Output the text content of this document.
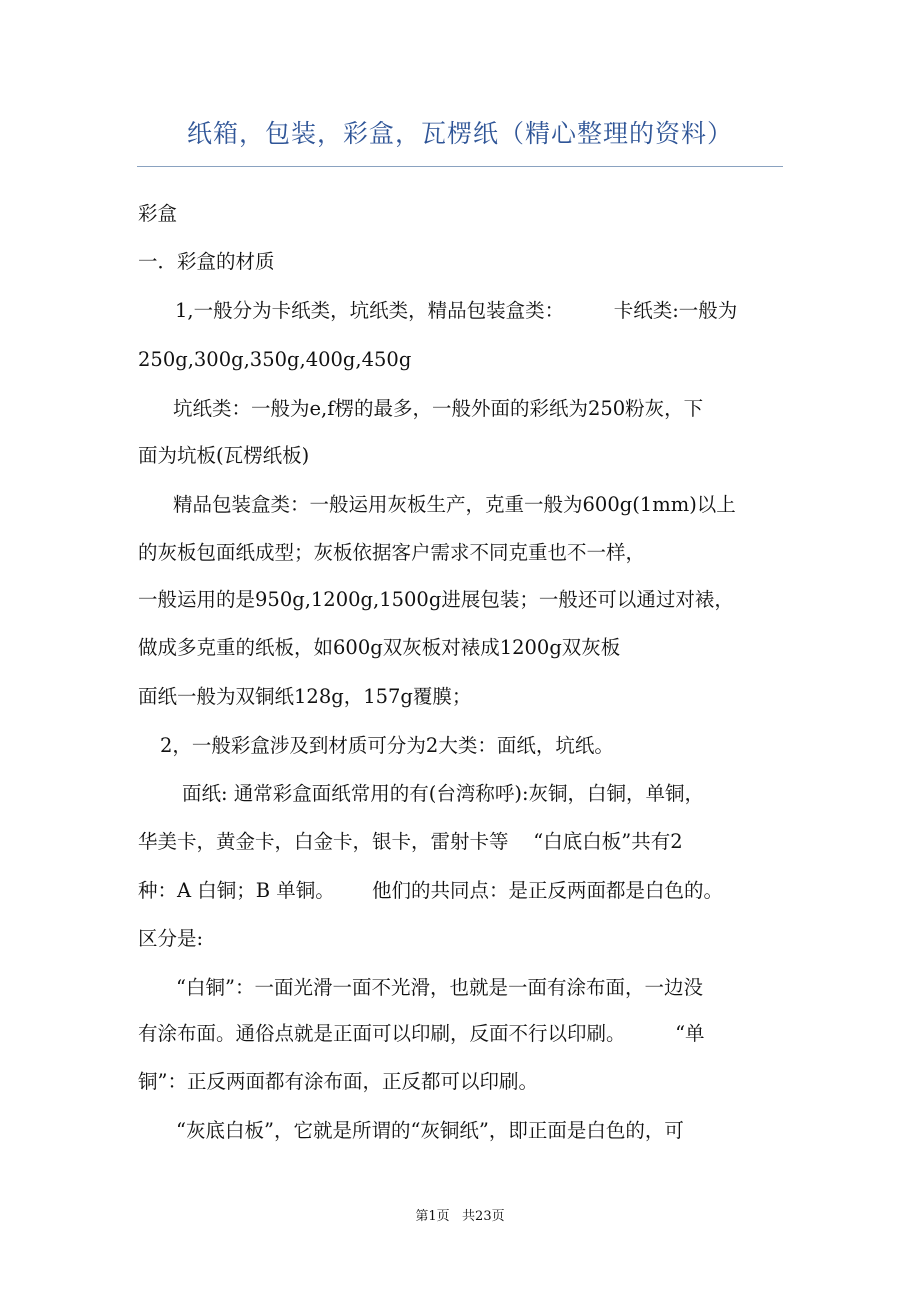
纸箱，包装，彩盒，瓦楞纸（精心整理的资料）
彩盒
一．彩盒的材质
1,一般分为卡纸类，坑纸类，精品包装盒类：        卡纸类:一般为
250g,300g,350g,400g,450g
坑纸类：一般为e,f楞的最多，一般外面的彩纸为250粉灰，下
面为坑板(瓦楞纸板)
精品包装盒类：一般运用灰板生产，克重一般为600g(1mm)以上
的灰板包面纸成型；灰板依据客户需求不同克重也不一样，
一般运用的是950g,1200g,1500g进展包装；一般还可以通过对裱，
做成多克重的纸板，如600g双灰板对裱成1200g双灰板
面纸一般为双铜纸128g，157g覆膜；
2，一般彩盒涉及到材质可分为2大类：面纸，坑纸。
面纸: 通常彩盒面纸常用的有(台湾称呼):灰铜，白铜，单铜，
华美卡，黄金卡，白金卡，银卡，雷射卡等    “白底白板”共有2
种：A 白铜；B 单铜。      他们的共同点：是正反两面都是白色的。
区分是:
“白铜”：一面光滑一面不光滑，也就是一面有涂布面，一边没
有涂布面。通俗点就是正面可以印刷，反面不行以印刷。        “单
铜”：正反两面都有涂布面，正反都可以印刷。
“灰底白板”，它就是所谓的“灰铜纸”，即正面是白色的，可
第1页   共23页
